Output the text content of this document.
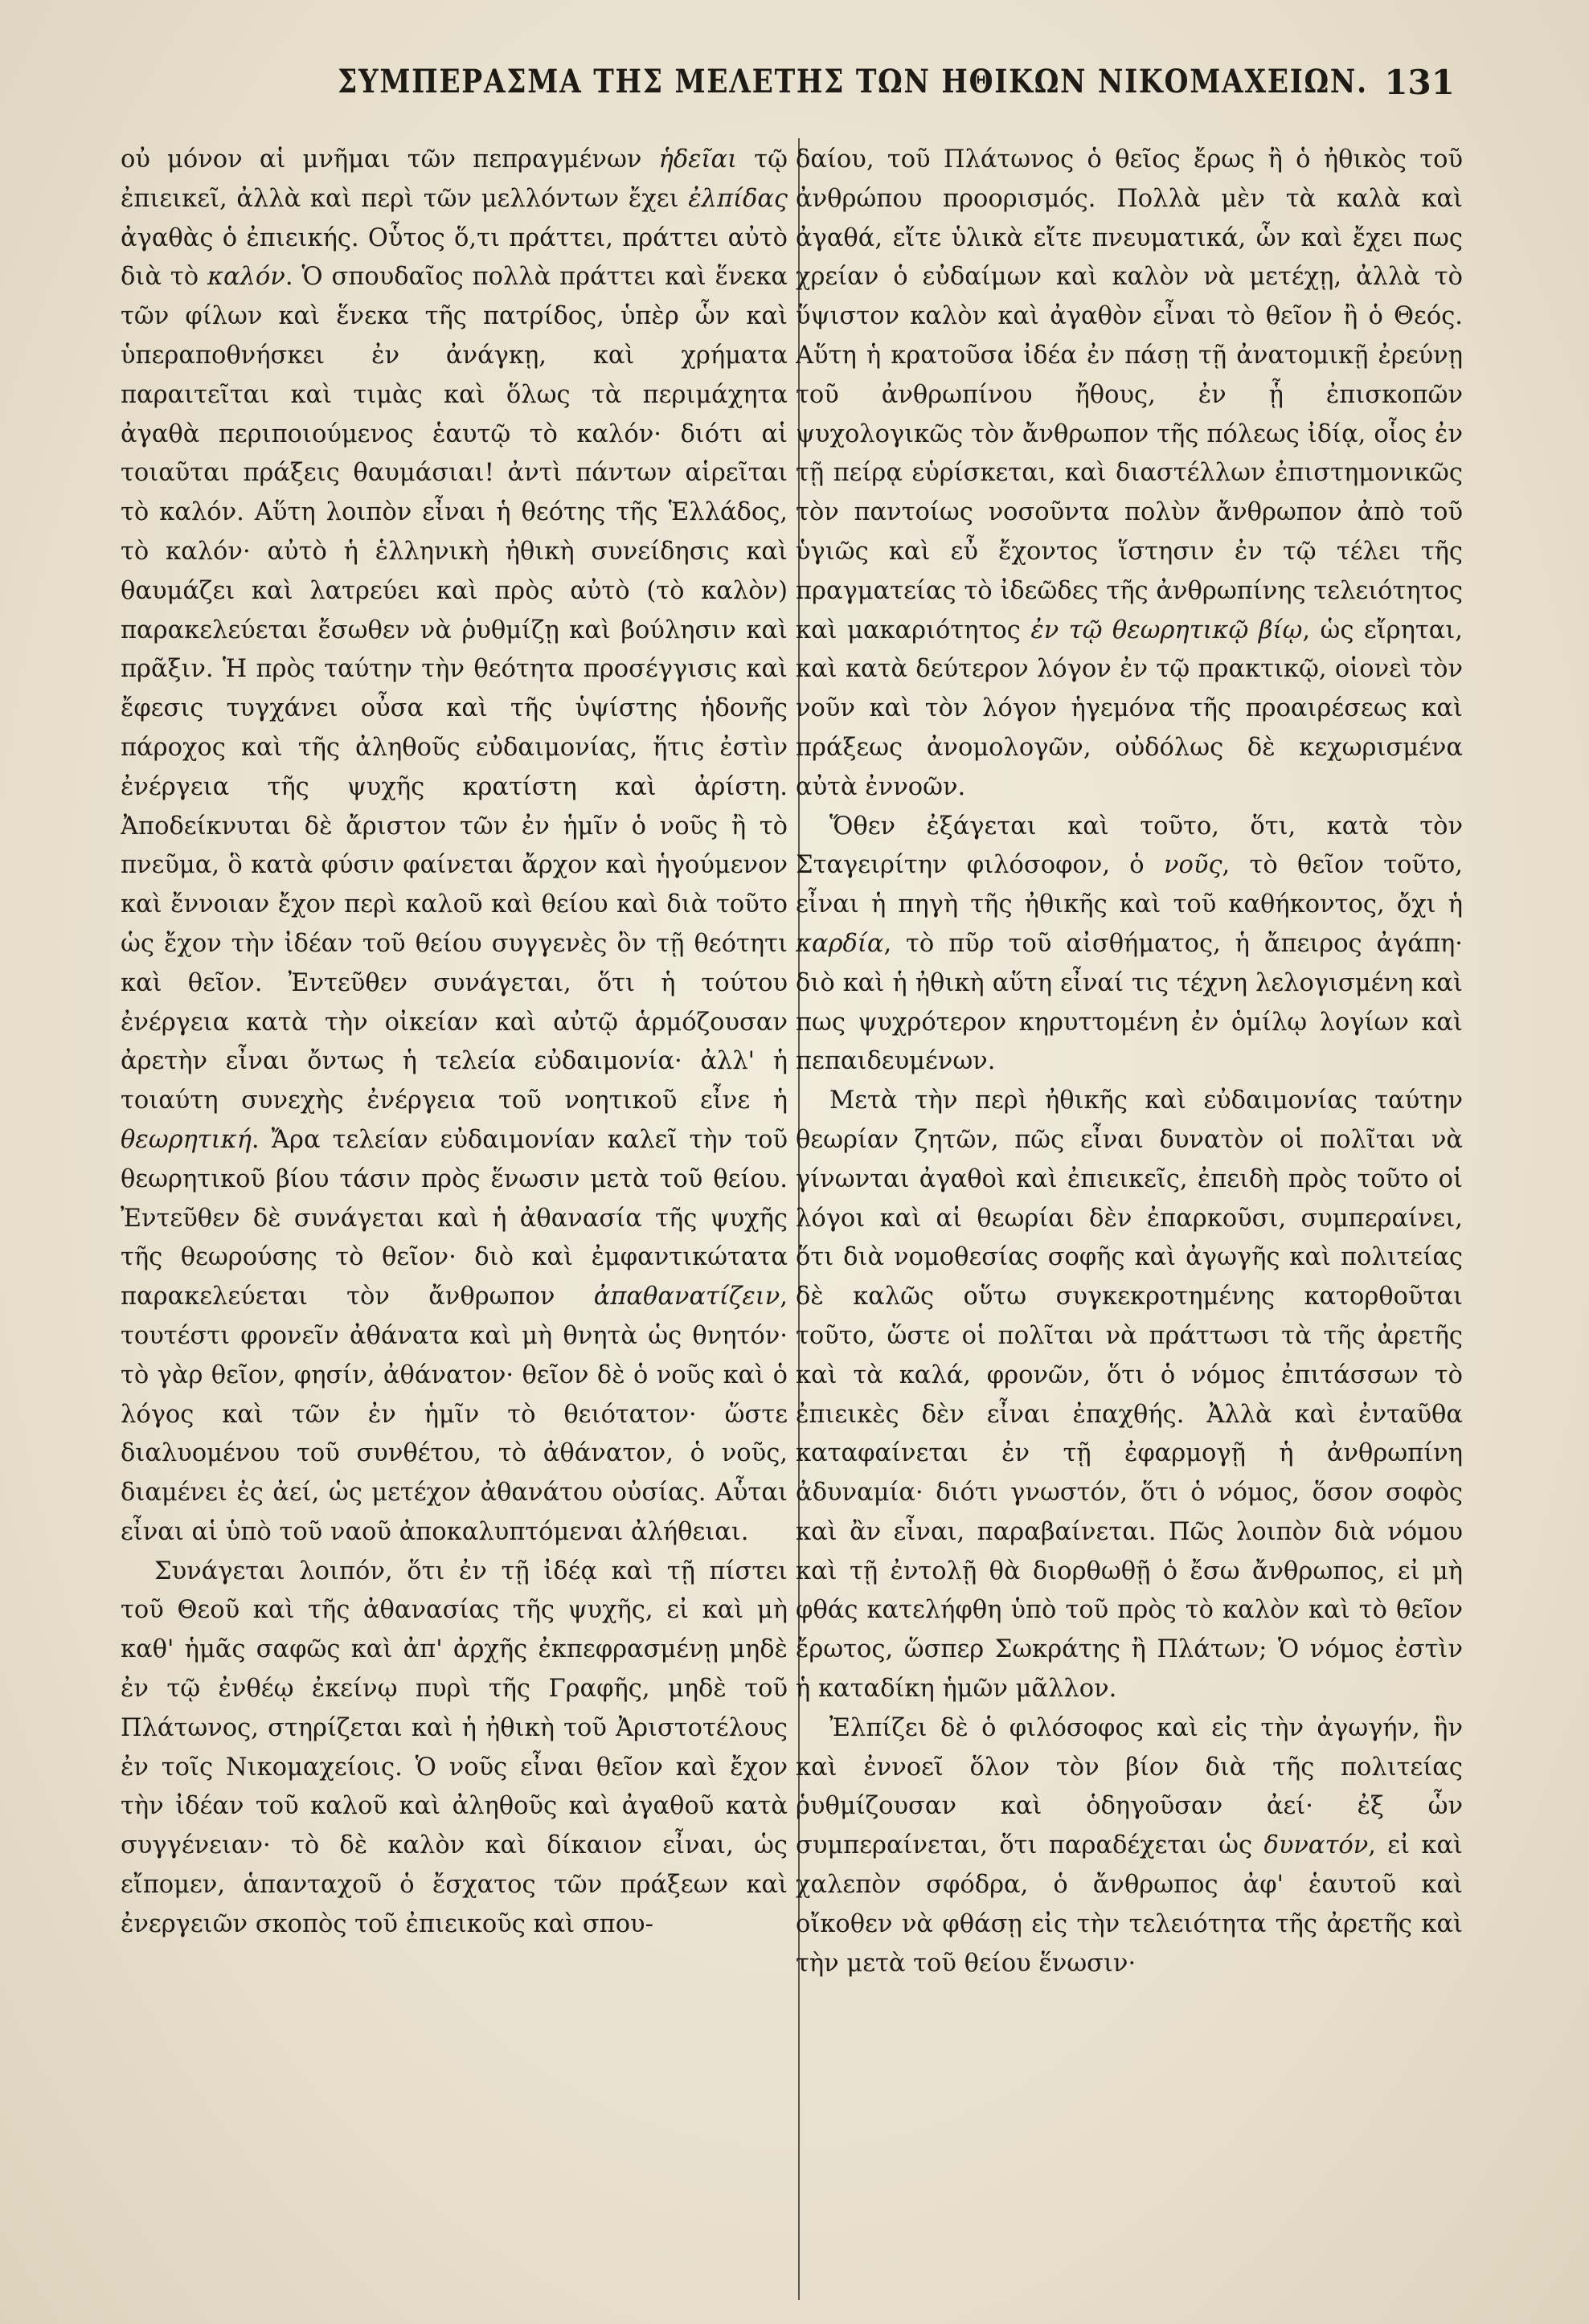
ΣΥΜΠΕΡΑΣΜΑ ΤΗΣ ΜΕΛΕΤΗΣ ΤΩΝ ΗΘΙΚΩΝ ΝΙΚΟΜΑΧΕΙΩΝ. 131

οὐ μόνον αἱ μνῆμαι τῶν πεπραγμένων ἡδεῖαι τῷ ἐπιεικεῖ, ἀλλὰ καὶ περὶ τῶν μελλόντων ἔχει ἐλπίδας ἀγαθὰς ὁ ἐπιεικής. Οὗτος ὅ,τι πράττει, πράττει αὐτὸ διὰ τὸ καλόν. Ὁ σπουδαῖος πολλὰ πράττει καὶ ἕνεκα τῶν φίλων καὶ ἕνεκα τῆς πατρίδος, ὑπὲρ ὧν καὶ ὑπεραποθνήσκει ἐν ἀνάγκῃ, καὶ χρήματα παραιτεῖται καὶ τιμὰς καὶ ὅλως τὰ περιμάχητα ἀγαθὰ περιποιούμενος ἑαυτῷ τὸ καλόν· διότι αἱ τοιαῦται πράξεις θαυμάσιαι! ἀντὶ πάντων αἱρεῖται τὸ καλόν. Αὕτη λοιπὸν εἶναι ἡ θεότης τῆς Ἑλλάδος, τὸ καλόν· αὐτὸ ἡ ἑλληνικὴ ἠθικὴ συνείδησις καὶ θαυμάζει καὶ λατρεύει καὶ πρὸς αὐτὸ (τὸ καλὸν) παρακελεύεται ἔσωθεν νὰ ῥυθμίζῃ καὶ βούλησιν καὶ πρᾶξιν. Ἡ πρὸς ταύτην τὴν θεότητα προσέγγισις καὶ ἔφεσις τυγχάνει οὖσα καὶ τῆς ὑψίστης ἡδονῆς πάροχος καὶ τῆς ἀληθοῦς εὐδαιμονίας, ἥτις ἐστὶν ἐνέργεια τῆς ψυχῆς κρατίστη καὶ ἀρίστη. Ἀποδείκνυται δὲ ἄριστον τῶν ἐν ἡμῖν ὁ νοῦς ἢ τὸ πνεῦμα, ὃ κατὰ φύσιν φαίνεται ἄρχον καὶ ἡγούμενον καὶ ἔννοιαν ἔχον περὶ καλοῦ καὶ θείου καὶ διὰ τοῦτο ὡς ἔχον τὴν ἰδέαν τοῦ θείου συγγενὲς ὂν τῇ θεότητι καὶ θεῖον. Ἐντεῦθεν συνάγεται, ὅτι ἡ τούτου ἐνέργεια κατὰ τὴν οἰκείαν καὶ αὐτῷ ἁρμόζουσαν ἀρετὴν εἶναι ὄντως ἡ τελεία εὐδαιμονία· ἀλλ' ἡ τοιαύτη συνεχὴς ἐνέργεια τοῦ νοητικοῦ εἶνε ἡ θεωρητική. Ἄρα τελείαν εὐδαιμονίαν καλεῖ τὴν τοῦ θεωρητικοῦ βίου τάσιν πρὸς ἕνωσιν μετὰ τοῦ θείου. Ἐντεῦθεν δὲ συνάγεται καὶ ἡ ἀθανασία τῆς ψυχῆς τῆς θεωρούσης τὸ θεῖον· διὸ καὶ ἐμφαντικώτατα παρακελεύεται τὸν ἄνθρωπον ἀπαθανατίζειν, τουτέστι φρονεῖν ἀθάνατα καὶ μὴ θνητὰ ὡς θνητόν· τὸ γὰρ θεῖον, φησίν, ἀθάνατον· θεῖον δὲ ὁ νοῦς καὶ ὁ λόγος καὶ τῶν ἐν ἡμῖν τὸ θειότατον· ὥστε διαλυομένου τοῦ συνθέτου, τὸ ἀθάνατον, ὁ νοῦς, διαμένει ἐς ἀεί, ὡς μετέχον ἀθανάτου οὐσίας. Αὗται εἶναι αἱ ὑπὸ τοῦ ναοῦ ἀποκαλυπτόμεναι ἀλήθειαι.

Συνάγεται λοιπόν, ὅτι ἐν τῇ ἰδέᾳ καὶ τῇ πίστει τοῦ Θεοῦ καὶ τῆς ἀθανασίας τῆς ψυχῆς, εἰ καὶ μὴ καθ' ἡμᾶς σαφῶς καὶ ἀπ' ἀρχῆς ἐκπεφρασμένῃ μηδὲ ἐν τῷ ἐνθέῳ ἐκείνῳ πυρὶ τῆς Γραφῆς, μηδὲ τοῦ Πλάτωνος, στηρίζεται καὶ ἡ ἠθικὴ τοῦ Ἀριστοτέλους ἐν τοῖς Νικομαχείοις. Ὁ νοῦς εἶναι θεῖον καὶ ἔχον τὴν ἰδέαν τοῦ καλοῦ καὶ ἀληθοῦς καὶ ἀγαθοῦ κατὰ συγγένειαν· τὸ δὲ καλὸν καὶ δίκαιον εἶναι, ὡς εἴπομεν, ἁπανταχοῦ ὁ ἔσχατος τῶν πράξεων καὶ ἐνεργειῶν σκοπὸς τοῦ ἐπιεικοῦς καὶ σπου-

δαίου, τοῦ Πλάτωνος ὁ θεῖος ἔρως ἢ ὁ ἠθικὸς τοῦ ἀνθρώπου προορισμός. Πολλὰ μὲν τὰ καλὰ καὶ ἀγαθά, εἴτε ὑλικὰ εἴτε πνευματικά, ὧν καὶ ἔχει πως χρείαν ὁ εὐδαίμων καὶ καλὸν νὰ μετέχῃ, ἀλλὰ τὸ ὕψιστον καλὸν καὶ ἀγαθὸν εἶναι τὸ θεῖον ἢ ὁ Θεός. Αὕτη ἡ κρατοῦσα ἰδέα ἐν πάσῃ τῇ ἀνατομικῇ ἐρεύνῃ τοῦ ἀνθρωπίνου ἤθους, ἐν ᾗ ἐπισκοπῶν ψυχολογικῶς τὸν ἄνθρωπον τῆς πόλεως ἰδίᾳ, οἷος ἐν τῇ πείρᾳ εὑρίσκεται, καὶ διαστέλλων ἐπιστημονικῶς τὸν παντοίως νοσοῦντα πολὺν ἄνθρωπον ἀπὸ τοῦ ὑγιῶς καὶ εὖ ἔχοντος ἵστησιν ἐν τῷ τέλει τῆς πραγματείας τὸ ἰδεῶδες τῆς ἀνθρωπίνης τελειότητος καὶ μακαριότητος ἐν τῷ θεωρητικῷ βίῳ, ὡς εἴρηται, καὶ κατὰ δεύτερον λόγον ἐν τῷ πρακτικῷ, οἱονεὶ τὸν νοῦν καὶ τὸν λόγον ἡγεμόνα τῆς προαιρέσεως καὶ πράξεως ἀνομολογῶν, οὐδόλως δὲ κεχωρισμένα αὐτὰ ἐννοῶν.

Ὅθεν ἐξάγεται καὶ τοῦτο, ὅτι, κατὰ τὸν Σταγειρίτην φιλόσοφον, ὁ νοῦς, τὸ θεῖον τοῦτο, εἶναι ἡ πηγὴ τῆς ἠθικῆς καὶ τοῦ καθήκοντος, ὄχι ἡ καρδία, τὸ πῦρ τοῦ αἰσθήματος, ἡ ἄπειρος ἀγάπη· διὸ καὶ ἡ ἠθικὴ αὕτη εἶναί τις τέχνη λελογισμένη καὶ πως ψυχρότερον κηρυττομένη ἐν ὁμίλῳ λογίων καὶ πεπαιδευμένων.

Μετὰ τὴν περὶ ἠθικῆς καὶ εὐδαιμονίας ταύτην θεωρίαν ζητῶν, πῶς εἶναι δυνατὸν οἱ πολῖται νὰ γίνωνται ἀγαθοὶ καὶ ἐπιεικεῖς, ἐπειδὴ πρὸς τοῦτο οἱ λόγοι καὶ αἱ θεωρίαι δὲν ἐπαρκοῦσι, συμπεραίνει, ὅτι διὰ νομοθεσίας σοφῆς καὶ ἀγωγῆς καὶ πολιτείας δὲ καλῶς οὕτω συγκεκροτημένης κατορθοῦται τοῦτο, ὥστε οἱ πολῖται νὰ πράττωσι τὰ τῆς ἀρετῆς καὶ τὰ καλά, φρονῶν, ὅτι ὁ νόμος ἐπιτάσσων τὸ ἐπιεικὲς δὲν εἶναι ἐπαχθής. Ἀλλὰ καὶ ἐνταῦθα καταφαίνεται ἐν τῇ ἐφαρμογῇ ἡ ἀνθρωπίνη ἀδυναμία· διότι γνωστόν, ὅτι ὁ νόμος, ὅσον σοφὸς καὶ ἂν εἶναι, παραβαίνεται. Πῶς λοιπὸν διὰ νόμου καὶ τῇ ἐντολῇ θὰ διορθωθῇ ὁ ἔσω ἄνθρωπος, εἰ μὴ φθάς κατελήφθη ὑπὸ τοῦ πρὸς τὸ καλὸν καὶ τὸ θεῖον ἔρωτος, ὥσπερ Σωκράτης ἢ Πλάτων; Ὁ νόμος ἐστὶν ἡ καταδίκη ἡμῶν μᾶλλον.

Ἐλπίζει δὲ ὁ φιλόσοφος καὶ εἰς τὴν ἀγωγήν, ἣν καὶ ἐννοεῖ ὅλον τὸν βίον διὰ τῆς πολιτείας ῥυθμίζουσαν καὶ ὁδηγοῦσαν ἀεί· ἐξ ὧν συμπεραίνεται, ὅτι παραδέχεται ὡς δυνατόν, εἰ καὶ χαλεπὸν σφόδρα, ὁ ἄνθρωπος ἀφ' ἑαυτοῦ καὶ οἴκοθεν νὰ φθάσῃ εἰς τὴν τελειότητα τῆς ἀρετῆς καὶ τὴν μετὰ τοῦ θείου ἕνωσιν·
